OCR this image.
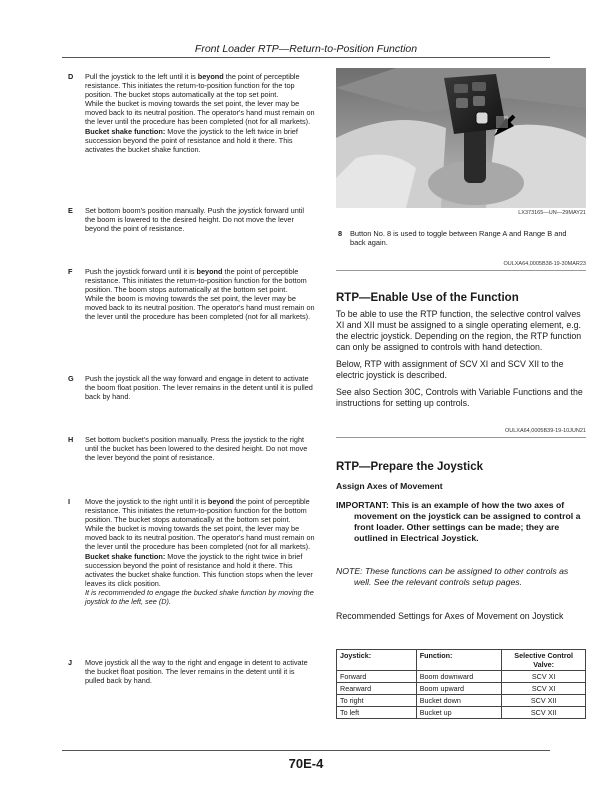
Front Loader RTP—Return-to-Position Function
D Pull the joystick to the left until it is beyond the point of perceptible resistance. This initiates the return-to-position function for the top position. The bucket stops automatically at the top set point.

While the bucket is moving towards the set point, the lever may be moved back to its neutral position. The operator's hand must remain on the lever until the procedure has been completed (not for all markets).

Bucket shake function: Move the joystick to the left twice in brief succession beyond the point of resistance and hold it there. This activates the bucket shake function.

E Set bottom boom's position manually. Push the joystick forward until the boom is lowered to the desired height. Do not move the lever beyond the point of resistance.

F Push the joystick forward until it is beyond the point of perceptible resistance. This initiates the return-to-position function for the bottom position. The boom stops automatically at the bottom set point.

While the boom is moving towards the set point, the lever may be moved back to its neutral position. The operator's hand must remain on the lever until the procedure has been completed (not for all markets).

G Push the joystick all the way forward and engage in detent to activate the boom float position. The lever remains in the detent until it is pulled back by hand.

H Set bottom bucket's position manually. Press the joystick to the right until the bucket has been lowered to the desired height. Do not move the lever beyond the point of resistance.

I Move the joystick to the right until it is beyond the point of perceptible resistance. This initiates the return-to-position function for the bottom position. The bucket stops automatically at the bottom set point.

While the bucket is moving towards the set point, the lever may be moved back to its neutral position. The operator's hand must remain on the lever until the procedure has been completed (not for all markets).

Bucket shake function: Move the joystick to the right twice in brief succession beyond the point of resistance and hold it there. This activates the bucket shake function. This function stops when the lever leaves its click position.

It is recommended to engage the bucked shake function by moving the joystick to the left, see (D).

J Move joystick all the way to the right and engage in detent to activate the bucket float position. The lever remains in the detent until it is pulled back by hand.

LX373165—UN—29MAY21
8 Button No. 8 is used to toggle between Range A and Range B and back again.
OULXA64,0005B38-19-30MAR23
RTP—Enable Use of the Function

To be able to use the RTP function, the selective control valves XI and XII must be assigned to a single operating element, e.g. the electric joystick. Depending on the region, the RTP function can only be assigned to controls with hand detection.

Below, RTP with assignment of SCV XI and SCV XII to the electric joystick is described.

See also Section 30C, Controls with Variable Functions and the instructions for setting up controls.

OULXA64,0005B39-19-10JUN21
RTP—Prepare the Joystick
Assign Axes of Movement
IMPORTANT: This is an example of how the two axes of movement on the joystick can be assigned to control a front loader. Other settings can be made; they are outlined in Electrical Joystick.
NOTE: These functions can be assigned to other controls as well. See the relevant controls setup pages.
Recommended Settings for Axes of Movement on Joystick
Joystick:	Function:	Selective Control Valve:
Forward	Boom downward	SCV XI
Rearward	Boom upward	SCV XI
To right	Bucket down	SCV XII
To left	Bucket up	SCV XII
70E-4
